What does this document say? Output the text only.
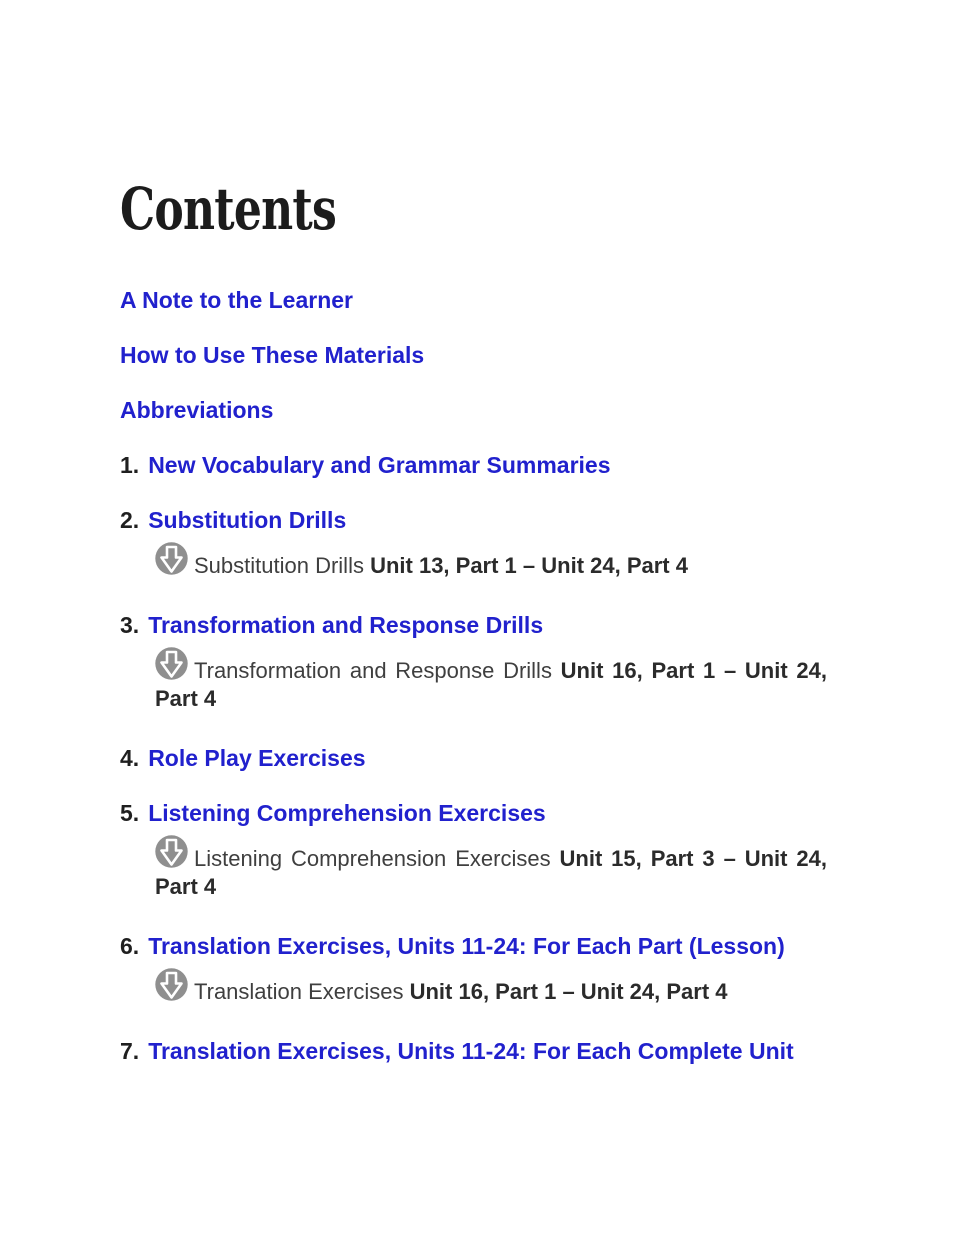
Contents

A Note to the Learner

How to Use These Materials

Abbreviations

1. New Vocabulary and Grammar Summaries

2. Substitution Drills

Substitution Drills Unit 13, Part 1 – Unit 24, Part 4

3. Transformation and Response Drills

Transformation and Response Drills Unit 16, Part 1 – Unit 24, Part 4

4. Role Play Exercises

5. Listening Comprehension Exercises

Listening Comprehension Exercises Unit 15, Part 3 – Unit 24, Part 4

6. Translation Exercises, Units 11-24: For Each Part (Lesson)

Translation Exercises Unit 16, Part 1 – Unit 24, Part 4

7. Translation Exercises, Units 11-24: For Each Complete Unit
